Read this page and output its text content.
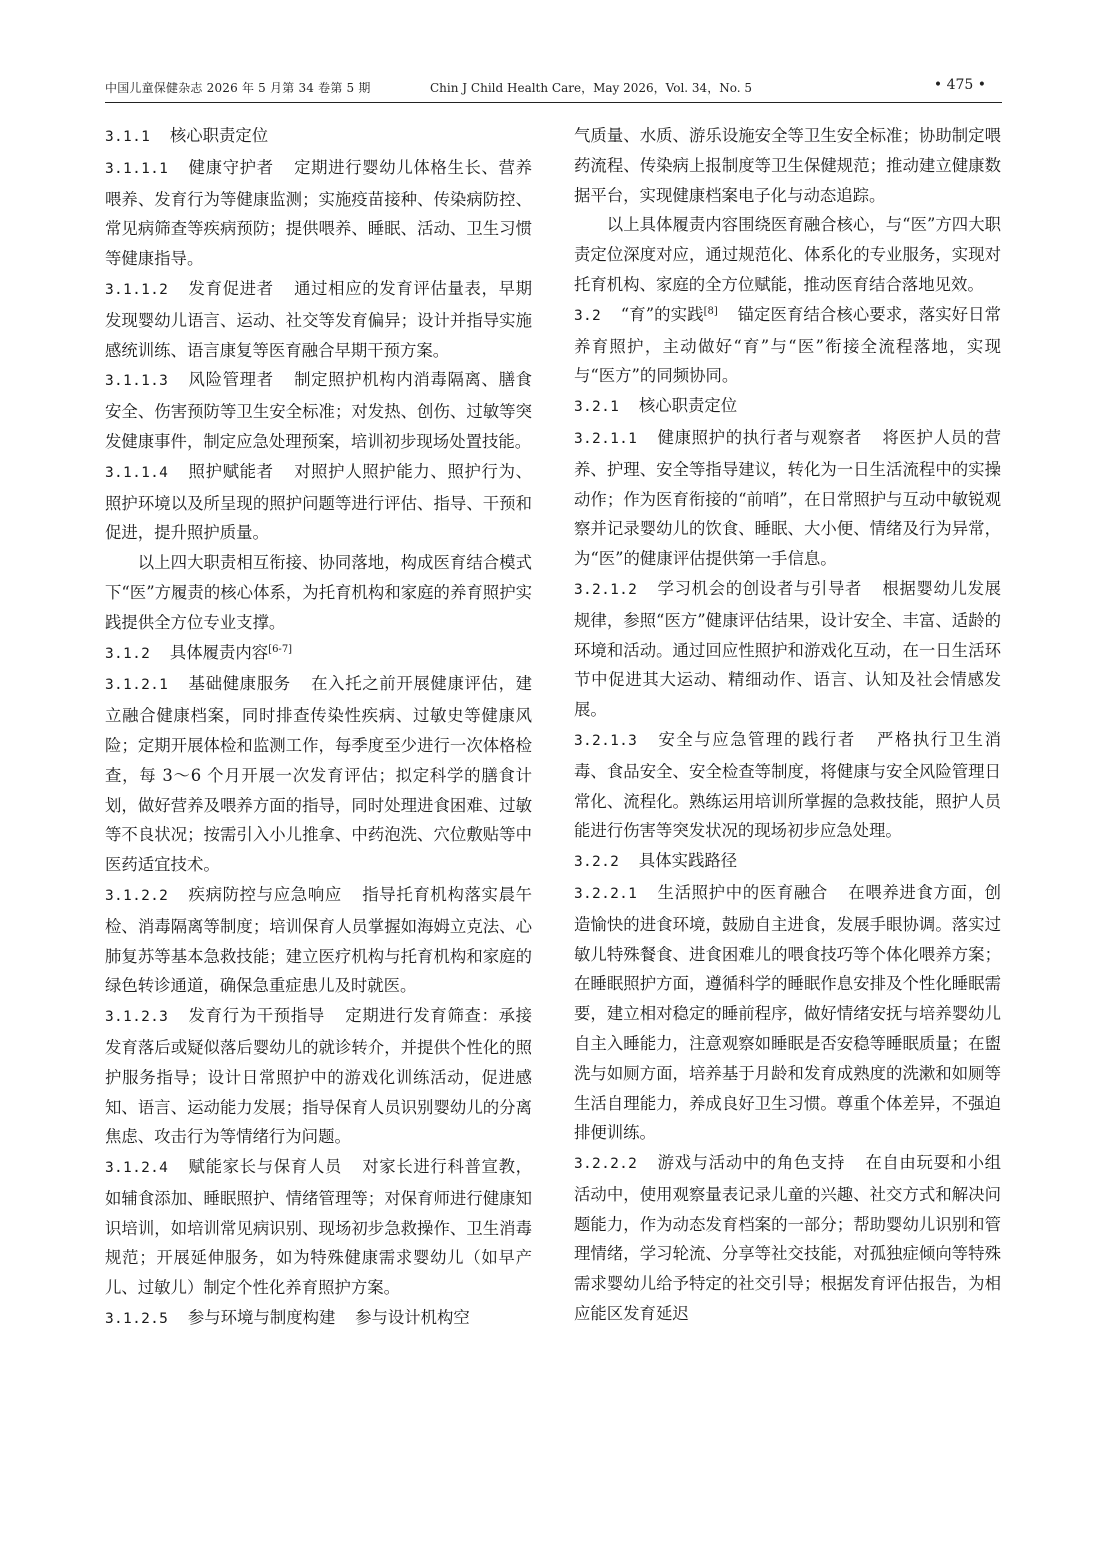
中国儿童保健杂志 2026 年 5 月第 34 卷第 5 期	Chin J Child Health Care，May 2026，Vol. 34，No. 5	• 475 •

3.1.1 核心职责定位

3.1.1.1 健康守护者 定期进行婴幼儿体格生长、营养喂养、发育行为等健康监测；实施疫苗接种、传染病防控、常见病筛查等疾病预防；提供喂养、睡眠、活动、卫生习惯等健康指导。

3.1.1.2 发育促进者 通过相应的发育评估量表，早期发现婴幼儿语言、运动、社交等发育偏异；设计并指导实施感统训练、语言康复等医育融合早期干预方案。

3.1.1.3 风险管理者 制定照护机构内消毒隔离、膳食安全、伤害预防等卫生安全标准；对发热、创伤、过敏等突发健康事件，制定应急处理预案，培训初步现场处置技能。

3.1.1.4 照护赋能者 对照护人照护能力、照护行为、照护环境以及所呈现的照护问题等进行评估、指导、干预和促进，提升照护质量。

以上四大职责相互衔接、协同落地，构成医育结合模式下“医”方履责的核心体系，为托育机构和家庭的养育照护实践提供全方位专业支撑。

3.1.2 具体履责内容[6-7]

3.1.2.1 基础健康服务 在入托之前开展健康评估，建立融合健康档案，同时排查传染性疾病、过敏史等健康风险；定期开展体检和监测工作，每季度至少进行一次体格检查，每 3～6 个月开展一次发育评估；拟定科学的膳食计划，做好营养及喂养方面的指导，同时处理进食困难、过敏等不良状况；按需引入小儿推拿、中药泡洗、穴位敷贴等中医药适宜技术。

3.1.2.2 疾病防控与应急响应 指导托育机构落实晨午检、消毒隔离等制度；培训保育人员掌握如海姆立克法、心肺复苏等基本急救技能；建立医疗机构与托育机构和家庭的绿色转诊通道，确保急重症患儿及时就医。

3.1.2.3 发育行为干预指导 定期进行发育筛查：承接发育落后或疑似落后婴幼儿的就诊转介，并提供个性化的照护服务指导；设计日常照护中的游戏化训练活动，促进感知、语言、运动能力发展；指导保育人员识别婴幼儿的分离焦虑、攻击行为等情绪行为问题。

3.1.2.4 赋能家长与保育人员 对家长进行科普宣教，如辅食添加、睡眠照护、情绪管理等；对保育师进行健康知识培训，如培训常见病识别、现场初步急救操作、卫生消毒规范；开展延伸服务，如为特殊健康需求婴幼儿（如早产儿、过敏儿）制定个性化养育照护方案。

3.1.2.5 参与环境与制度构建 参与设计机构空

气质量、水质、游乐设施安全等卫生安全标准；协助制定喂药流程、传染病上报制度等卫生保健规范；推动建立健康数据平台，实现健康档案电子化与动态追踪。

以上具体履责内容围绕医育融合核心，与“医”方四大职责定位深度对应，通过规范化、体系化的专业服务，实现对托育机构、家庭的全方位赋能，推动医育结合落地见效。

3.2 “育”的实践[8] 锚定医育结合核心要求，落实好日常养育照护，主动做好“育”与“医”衔接全流程落地，实现与“医方”的同频协同。

3.2.1 核心职责定位

3.2.1.1 健康照护的执行者与观察者 将医护人员的营养、护理、安全等指导建议，转化为一日生活流程中的实操动作；作为医育衔接的“前哨”，在日常照护与互动中敏锐观察并记录婴幼儿的饮食、睡眠、大小便、情绪及行为异常，为“医”的健康评估提供第一手信息。

3.2.1.2 学习机会的创设者与引导者 根据婴幼儿发展规律，参照“医方”健康评估结果，设计安全、丰富、适龄的环境和活动。通过回应性照护和游戏化互动，在一日生活环节中促进其大运动、精细动作、语言、认知及社会情感发展。

3.2.1.3 安全与应急管理的践行者 严格执行卫生消毒、食品安全、安全检查等制度，将健康与安全风险管理日常化、流程化。熟练运用培训所掌握的急救技能，照护人员能进行伤害等突发状况的现场初步应急处理。

3.2.2 具体实践路径

3.2.2.1 生活照护中的医育融合 在喂养进食方面，创造愉快的进食环境，鼓励自主进食，发展手眼协调。落实过敏儿特殊餐食、进食困难儿的喂食技巧等个体化喂养方案；在睡眠照护方面，遵循科学的睡眠作息安排及个性化睡眠需要，建立相对稳定的睡前程序，做好情绪安抚与培养婴幼儿自主入睡能力，注意观察如睡眠是否安稳等睡眠质量；在盥洗与如厕方面，培养基于月龄和发育成熟度的洗漱和如厕等生活自理能力，养成良好卫生习惯。尊重个体差异，不强迫排便训练。

3.2.2.2 游戏与活动中的角色支持 在自由玩耍和小组活动中，使用观察量表记录儿童的兴趣、社交方式和解决问题能力，作为动态发育档案的一部分；帮助婴幼儿识别和管理情绪，学习轮流、分享等社交技能，对孤独症倾向等特殊需求婴幼儿给予特定的社交引导；根据发育评估报告，为相应能区发育延迟
